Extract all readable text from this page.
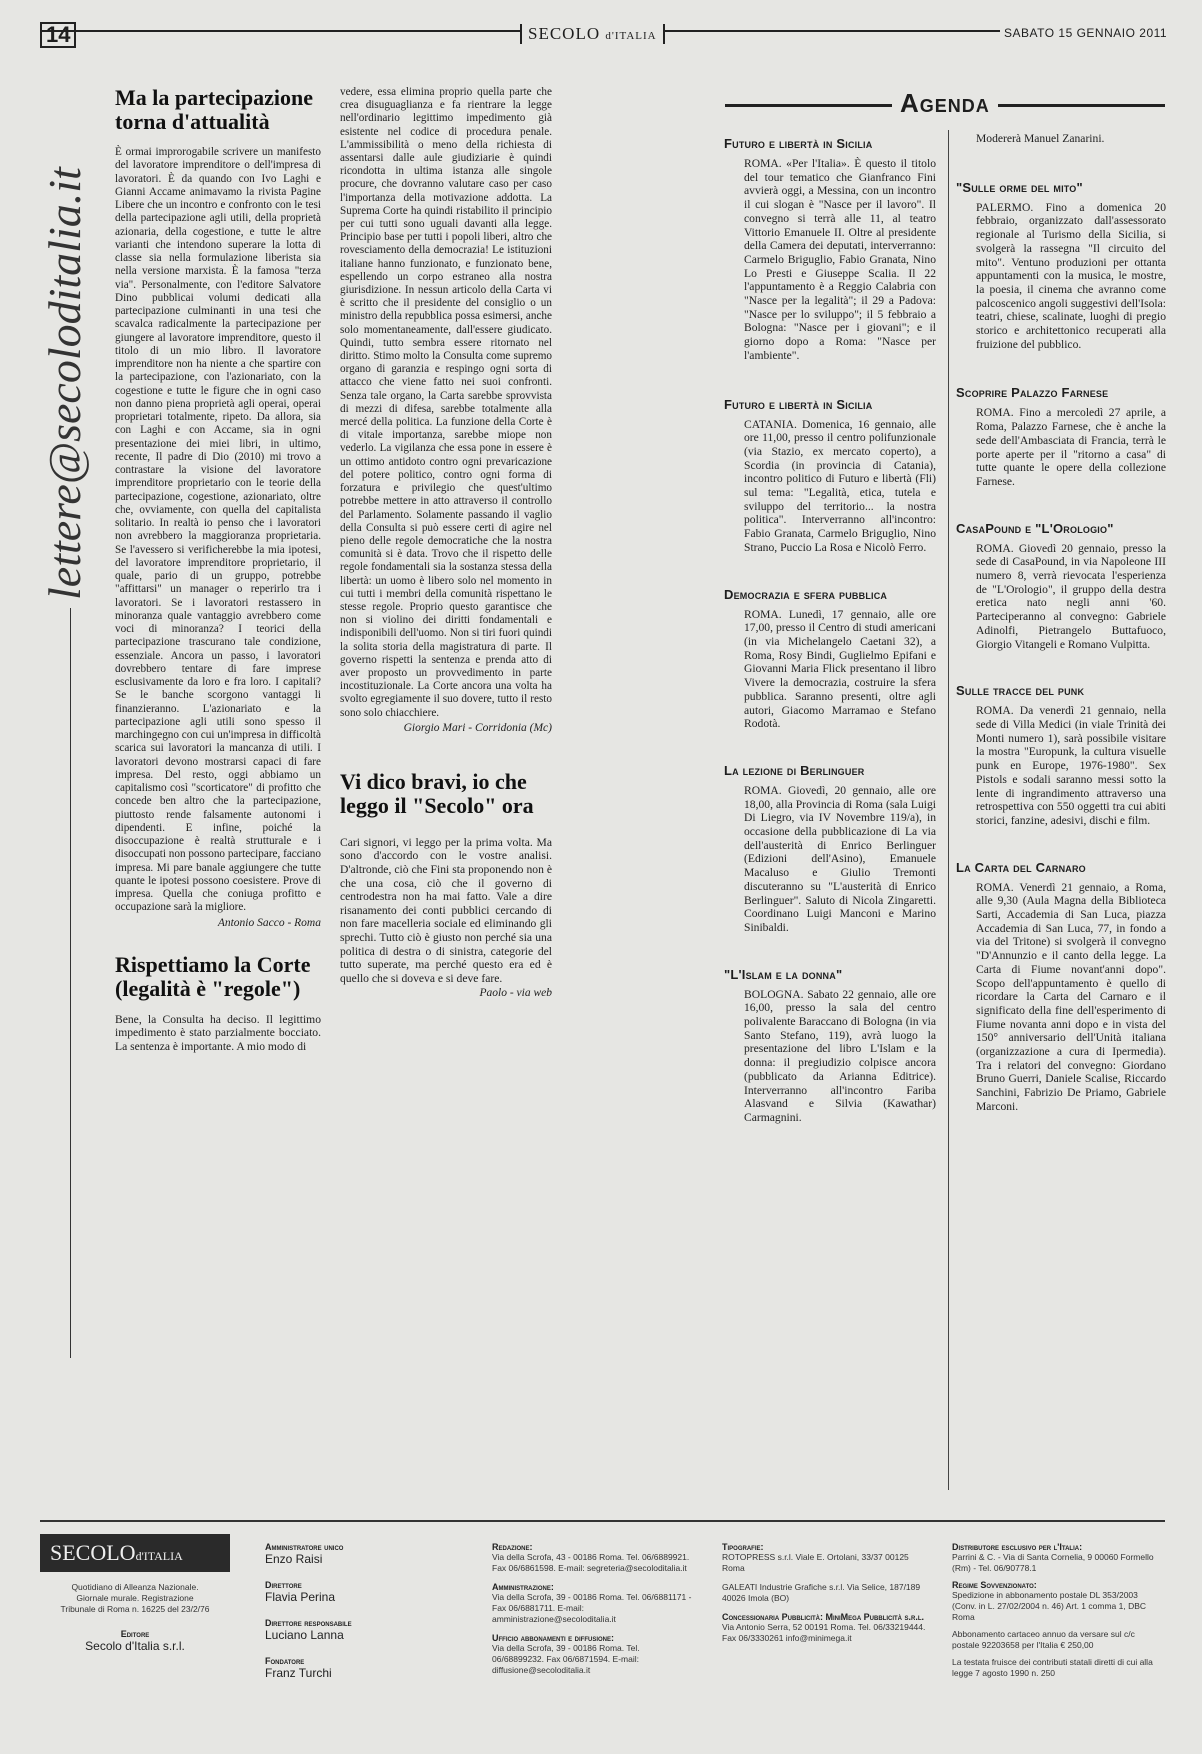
14	SECOLO d'ITALIA	SABATO 15 GENNAIO 2011
lettere@secoloditalia.it
Ma la partecipazione torna d'attualità

È ormai improrogabile scrivere un manifesto del lavoratore imprenditore o dell'impresa di lavoratori. È da quando con Ivo Laghi e Gianni Accame animavamo la rivista Pagine Libere che un incontro e confronto con le tesi della partecipazione agli utili, della proprietà azionaria, della cogestione, e tutte le altre varianti che intendono superare la lotta di classe sia nella formulazione liberista sia nella versione marxista. È la famosa "terza via". Personalmente, con l'editore Salvatore Dino pubblicai volumi dedicati alla partecipazione culminanti in una tesi che scavalca radicalmente la partecipazione per giungere al lavoratore imprenditore, questo il titolo di un mio libro. Il lavoratore imprenditore non ha niente a che spartire con la partecipazione, con l'azionariato, con la cogestione e tutte le figure che in ogni caso non danno piena proprietà agli operai, operai proprietari totalmente, ripeto. Da allora, sia con Laghi e con Accame, sia in ogni presentazione dei miei libri, in ultimo, recente, Il padre di Dio (2010) mi trovo a contrastare la visione del lavoratore imprenditore proprietario con le teorie della partecipazione, cogestione, azionariato, oltre che, ovviamente, con quella del capitalista solitario. In realtà io penso che i lavoratori non avrebbero la maggioranza proprietaria. Se l'avessero si verificherebbe la mia ipotesi, del lavoratore imprenditore proprietario, il quale, pario di un gruppo, potrebbe "affittarsi" un manager o reperirlo tra i lavoratori. Se i lavoratori restassero in minoranza quale vantaggio avrebbero come voci di minoranza? I teorici della partecipazione trascurano tale condizione, essenziale. Ancora un passo, i lavoratori dovrebbero tentare di fare imprese esclusivamente da loro e fra loro. I capitali? Se le banche scorgono vantaggi li finanzieranno. L'azionariato e la partecipazione agli utili sono spesso il marchingegno con cui un'impresa in difficoltà scarica sui lavoratori la mancanza di utili. I lavoratori devono mostrarsi capaci di fare impresa. Del resto, oggi abbiamo un capitalismo così "scorticatore" di profitto che concede ben altro che la partecipazione, piuttosto rende falsamente autonomi i dipendenti. E infine, poiché la disoccupazione è realtà strutturale e i disoccupati non possono partecipare, facciano impresa. Mi pare banale aggiungere che tutte quante le ipotesi possono coesistere. Prove di impresa. Quella che coniuga profitto e occupazione sarà la migliore.

Antonio Sacco - Roma

Rispettiamo la Corte (legalità è "regole")

Bene, la Consulta ha deciso. Il legittimo impedimento è stato parzialmente bocciato. La sentenza è importante. A mio modo di

vedere, essa elimina proprio quella parte che crea disuguaglianza e fa rientrare la legge nell'ordinario legittimo impedimento già esistente nel codice di procedura penale. L'ammissibilità o meno della richiesta di assentarsi dalle aule giudiziarie è quindi ricondotta in ultima istanza alle singole procure, che dovranno valutare caso per caso l'importanza della motivazione addotta. La Suprema Corte ha quindi ristabilito il principio per cui tutti sono uguali davanti alla legge. Principio base per tutti i popoli liberi, altro che rovesciamento della democrazia! Le istituzioni italiane hanno funzionato, e funzionato bene, espellendo un corpo estraneo alla nostra giurisdizione. In nessun articolo della Carta vi è scritto che il presidente del consiglio o un ministro della repubblica possa esimersi, anche solo momentaneamente, dall'essere giudicato. Quindi, tutto sembra essere ritornato nel diritto. Stimo molto la Consulta come supremo organo di garanzia e respingo ogni sorta di attacco che viene fatto nei suoi confronti. Senza tale organo, la Carta sarebbe sprovvista di mezzi di difesa, sarebbe totalmente alla mercé della politica. La funzione della Corte è di vitale importanza, sarebbe miope non vederlo. La vigilanza che essa pone in essere è un ottimo antidoto contro ogni prevaricazione del potere politico, contro ogni forma di forzatura e privilegio che quest'ultimo potrebbe mettere in atto attraverso il controllo del Parlamento. Solamente passando il vaglio della Consulta si può essere certi di agire nel pieno delle regole democratiche che la nostra comunità si è data. Trovo che il rispetto delle regole fondamentali sia la sostanza stessa della libertà: un uomo è libero solo nel momento in cui tutti i membri della comunità rispettano le stesse regole. Proprio questo garantisce che non si violino dei diritti fondamentali e indisponibili dell'uomo. Non si tiri fuori quindi la solita storia della magistratura di parte. Il governo rispetti la sentenza e prenda atto di aver proposto un provvedimento in parte incostituzionale. La Corte ancora una volta ha svolto egregiamente il suo dovere, tutto il resto sono solo chiacchiere.

Giorgio Mari - Corridonia (Mc)

Vi dico bravi, io che leggo il "Secolo" ora

Cari signori, vi leggo per la prima volta. Ma sono d'accordo con le vostre analisi. D'altronde, ciò che Fini sta proponendo non è che una cosa, ciò che il governo di centrodestra non ha mai fatto. Vale a dire risanamento dei conti pubblici cercando di non fare macelleria sociale ed eliminando gli sprechi. Tutto ciò è giusto non perché sia una politica di destra o di sinistra, categorie del tutto superate, ma perché questo era ed è quello che si doveva e si deve fare.

Paolo - via web

Agenda
Futuro e libertà in Sicilia

ROMA. «Per l'Italia». È questo il titolo del tour tematico che Gianfranco Fini avvierà oggi, a Messina, con un incontro il cui slogan è "Nasce per il lavoro". Il convegno si terrà alle 11, al teatro Vittorio Emanuele II. Oltre al presidente della Camera dei deputati, interverranno: Carmelo Briguglio, Fabio Granata, Nino Lo Presti e Giuseppe Scalia. Il 22 l'appuntamento è a Reggio Calabria con "Nasce per la legalità"; il 29 a Padova: "Nasce per lo sviluppo"; il 5 febbraio a Bologna: "Nasce per i giovani"; e il giorno dopo a Roma: "Nasce per l'ambiente".

Futuro e libertà in Sicilia

CATANIA. Domenica, 16 gennaio, alle ore 11,00, presso il centro polifunzionale (via Stazio, ex mercato coperto), a Scordia (in provincia di Catania), incontro politico di Futuro e libertà (Fli) sul tema: "Legalità, etica, tutela e sviluppo del territorio... la nostra politica". Interverranno all'incontro: Fabio Granata, Carmelo Briguglio, Nino Strano, Puccio La Rosa e Nicolò Ferro.

Democrazia e sfera pubblica

ROMA. Lunedì, 17 gennaio, alle ore 17,00, presso il Centro di studi americani (in via Michelangelo Caetani 32), a Roma, Rosy Bindi, Guglielmo Epifani e Giovanni Maria Flick presentano il libro Vivere la democrazia, costruire la sfera pubblica. Saranno presenti, oltre agli autori, Giacomo Marramao e Stefano Rodotà.

La lezione di Berlinguer

ROMA. Giovedì, 20 gennaio, alle ore 18,00, alla Provincia di Roma (sala Luigi Di Liegro, via IV Novembre 119/a), in occasione della pubblicazione di La via dell'austerità di Enrico Berlinguer (Edizioni dell'Asino), Emanuele Macaluso e Giulio Tremonti discuteranno su "L'austerità di Enrico Berlinguer". Saluto di Nicola Zingaretti. Coordinano Luigi Manconi e Marino Sinibaldi.

"L'Islam e la donna"

BOLOGNA. Sabato 22 gennaio, alle ore 16,00, presso la sala del centro polivalente Baraccano di Bologna (in via Santo Stefano, 119), avrà luogo la presentazione del libro L'Islam e la donna: il pregiudizio colpisce ancora (pubblicato da Arianna Editrice). Interverranno all'incontro Fariba Alasvand e Silvia (Kawathar) Carmagnini.

Modererà Manuel Zanarini.

"Sulle orme del mito"

PALERMO. Fino a domenica 20 febbraio, organizzato dall'assessorato regionale al Turismo della Sicilia, si svolgerà la rassegna "Il circuito del mito". Ventuno produzioni per ottanta appuntamenti con la musica, le mostre, la poesia, il cinema che avranno come palcoscenico angoli suggestivi dell'Isola: teatri, chiese, scalinate, luoghi di pregio storico e architettonico recuperati alla fruizione del pubblico.

Scoprire Palazzo Farnese

ROMA. Fino a mercoledì 27 aprile, a Roma, Palazzo Farnese, che è anche la sede dell'Ambasciata di Francia, terrà le porte aperte per il "ritorno a casa" di tutte quante le opere della collezione Farnese.

CasaPound e "L'Orologio"

ROMA. Giovedì 20 gennaio, presso la sede di CasaPound, in via Napoleone III numero 8, verrà rievocata l'esperienza de "L'Orologio", il gruppo della destra eretica nato negli anni '60. Parteciperanno al convegno: Gabriele Adinolfi, Pietrangelo Buttafuoco, Giorgio Vitangeli e Romano Vulpitta.

Sulle tracce del punk

ROMA. Da venerdì 21 gennaio, nella sede di Villa Medici (in viale Trinità dei Monti numero 1), sarà possibile visitare la mostra "Europunk, la cultura visuelle punk en Europe, 1976-1980". Sex Pistols e sodali saranno messi sotto la lente di ingrandimento attraverso una retrospettiva con 550 oggetti tra cui abiti storici, fanzine, adesivi, dischi e film.

La Carta del Carnaro

ROMA. Venerdì 21 gennaio, a Roma, alle 9,30 (Aula Magna della Biblioteca Sarti, Accademia di San Luca, piazza Accademia di San Luca, 77, in fondo a via del Tritone) si svolgerà il convegno "D'Annunzio e il canto della legge. La Carta di Fiume novant'anni dopo". Scopo dell'appuntamento è quello di ricordare la Carta del Carnaro e il significato della fine dell'esperimento di Fiume novanta anni dopo e in vista del 150° anniversario dell'Unità italiana (organizzazione a cura di Ipermedia). Tra i relatori del convegno: Giordano Bruno Guerri, Daniele Scalise, Riccardo Sanchini, Fabrizio De Priamo, Gabriele Marconi.

SECOLOd'ITALIA
Quotidiano di Alleanza Nazionale. Giornale murale. Registrazione Tribunale di Roma n. 16225 del 23/2/76
Editore
Secolo d'Italia s.r.l.
Amministratore unico
Enzo Raisi
Direttore
Flavia Perina
Direttore responsabile
Luciano Lanna
Fondatore
Franz Turchi
Redazione:
Via della Scrofa, 43 - 00186 Roma. Tel. 06/6889921. Fax 06/6861598. E-mail: segreteria@secoloditalia.it
Amministrazione:
Via della Scrofa, 39 - 00186 Roma. Tel. 06/6881171 - Fax 06/6881711. E-mail: amministrazione@secoloditalia.it
Ufficio abbonamenti e diffusione:
Via della Scrofa, 39 - 00186 Roma. Tel. 06/68899232. Fax 06/6871594. E-mail: diffusione@secoloditalia.it
Tipografie:
ROTOPRESS s.r.l. Viale E. Ortolani, 33/37 00125 Roma
GALEATI Industrie Grafiche s.r.l. Via Selice, 187/189 40026 Imola (BO)
Concessionaria Pubblicità: MiniMega Pubblicità s.r.l.
Via Antonio Serra, 52 00191 Roma. Tel. 06/33219444. Fax 06/3330261 info@minimega.it
Distributore esclusivo per l'Italia:
Parrini & C. - Via di Santa Cornelia, 9 00060 Formello (Rm) - Tel. 06/90778.1
Regime Sovvenzionato:
Spedizione in abbonamento postale DL 353/2003 (Conv. in L. 27/02/2004 n. 46) Art. 1 comma 1, DBC Roma
Abbonamento cartaceo annuo da versare sul c/c postale 92203658 per l'Italia € 250,00
La testata fruisce dei contributi statali diretti di cui alla legge 7 agosto 1990 n. 250
